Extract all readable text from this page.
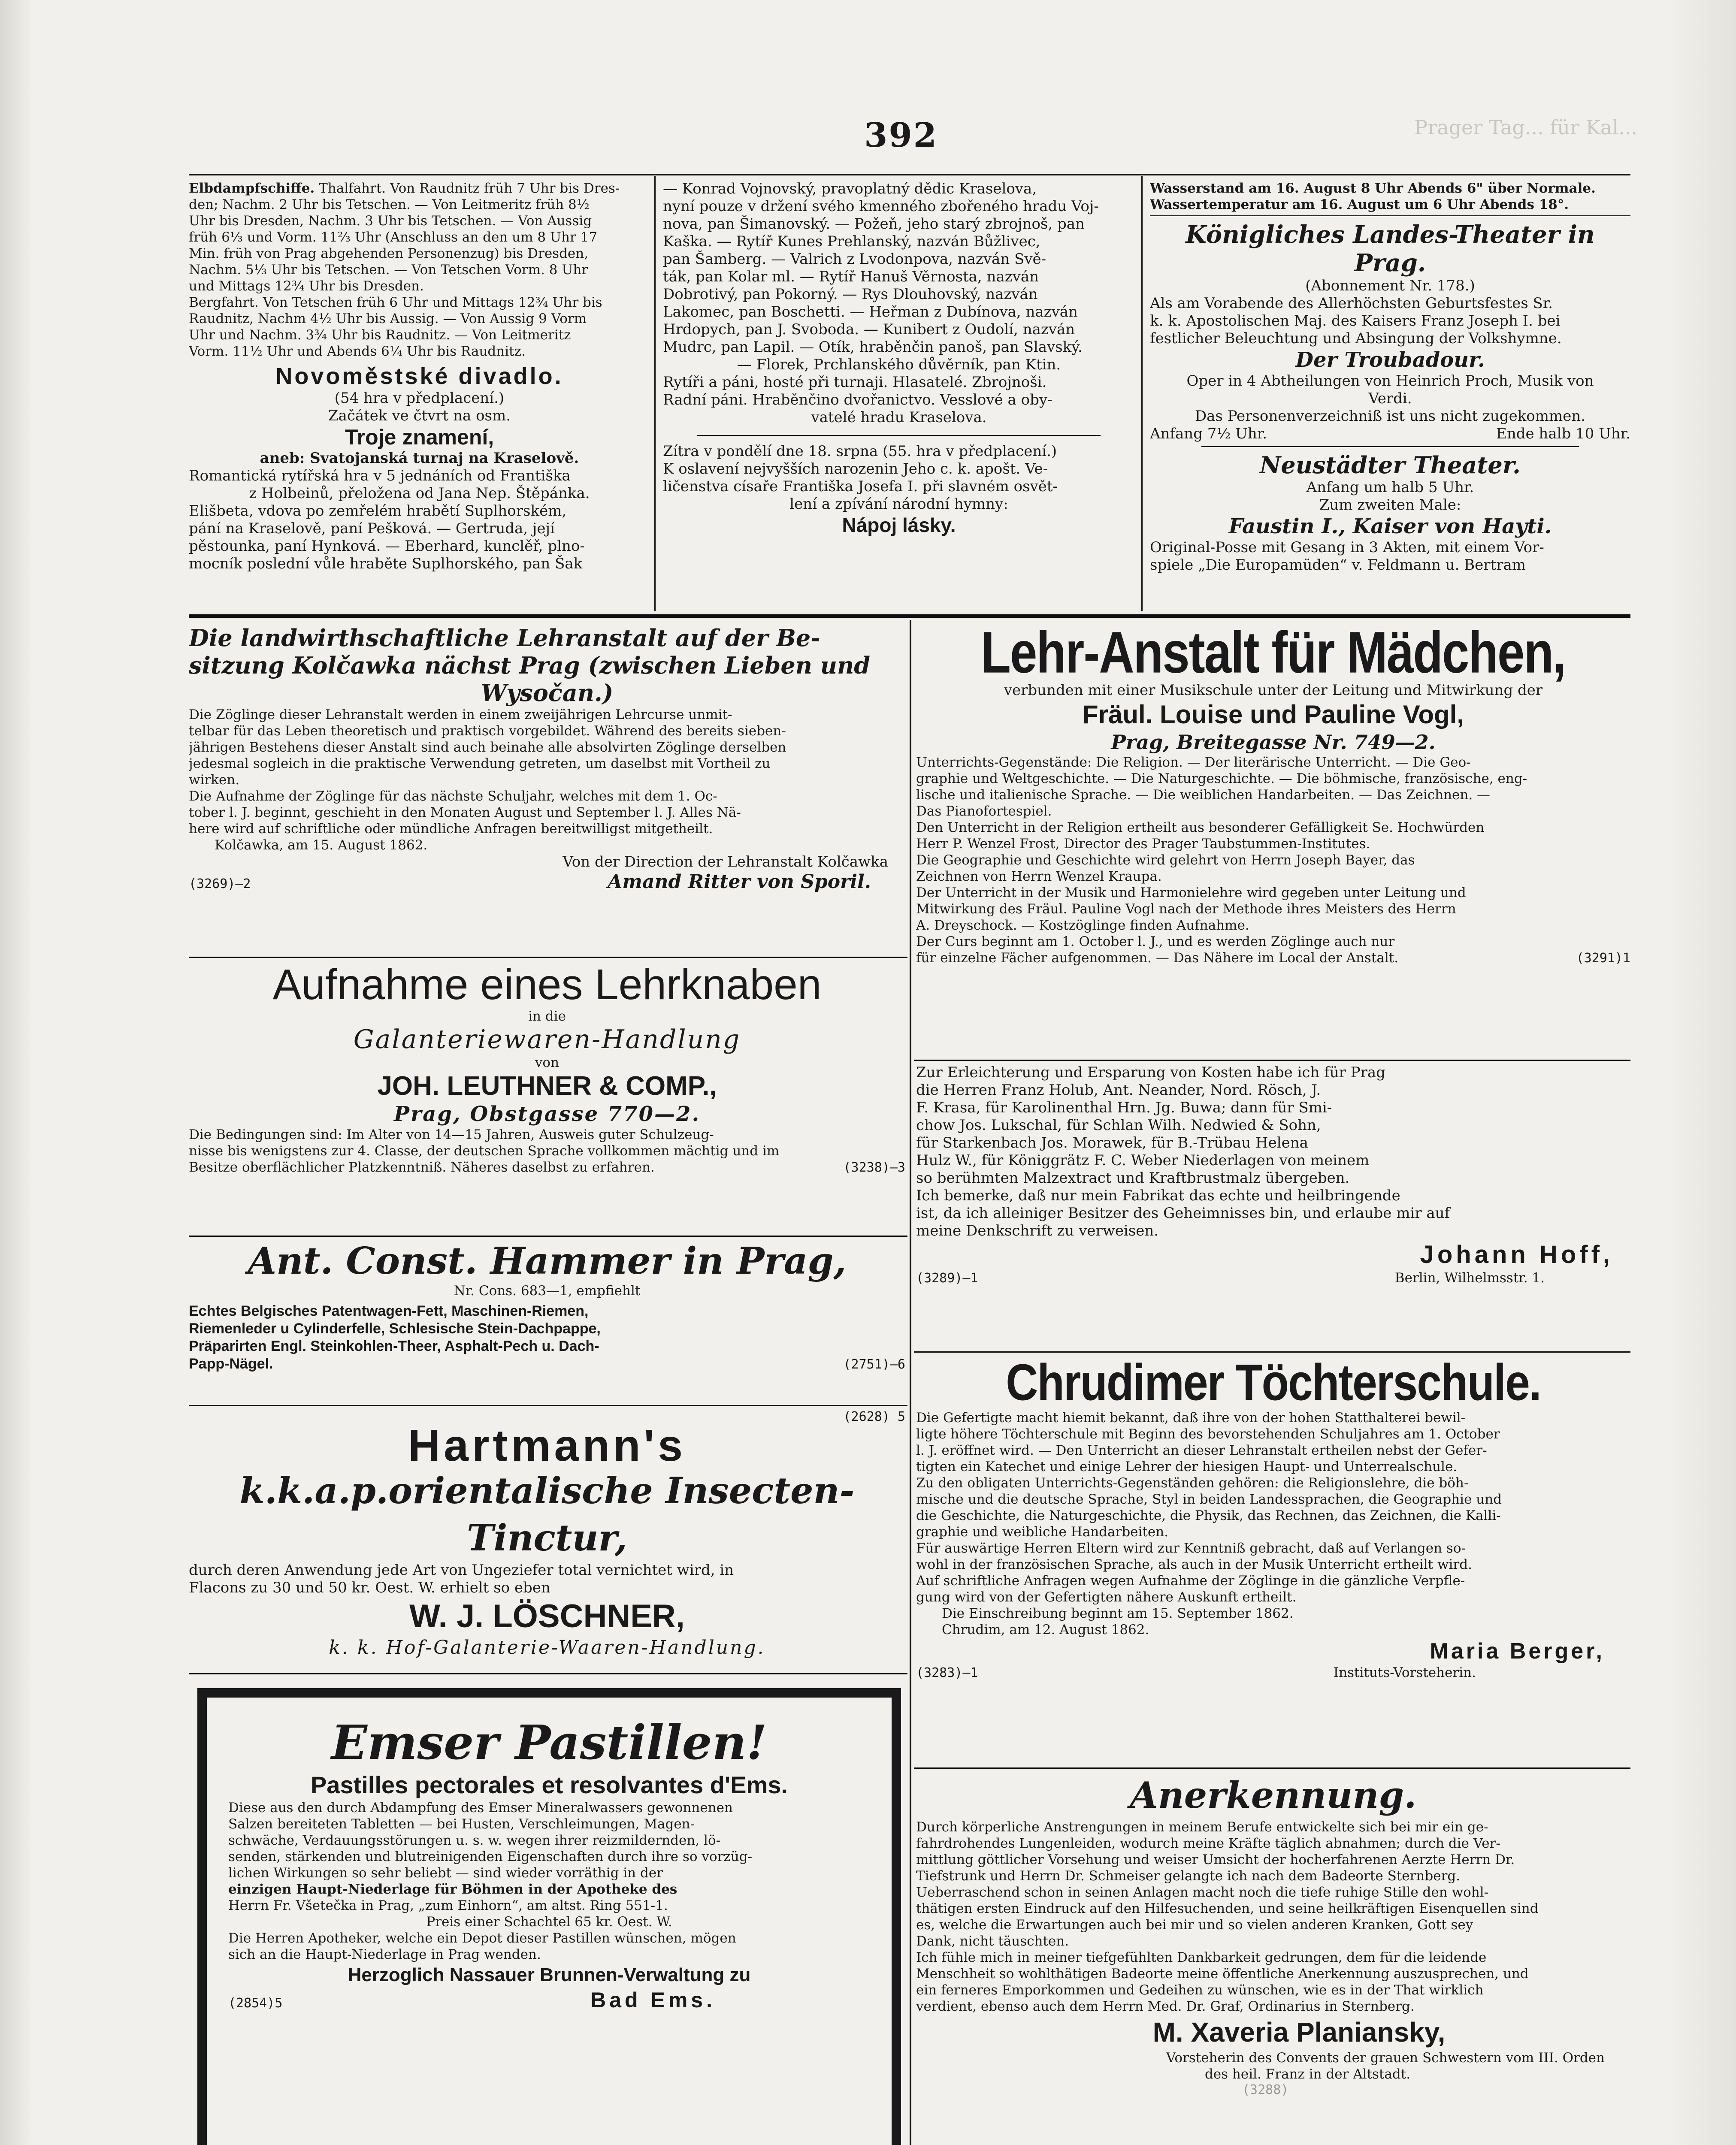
Prager Tag... für Kal...
392

Elbdampfschiffe. Thalfahrt. Von Raudnitz früh 7 Uhr bis Dres-

den; Nachm. 2 Uhr bis Tetschen. — Von Leitmeritz früh 8½

Uhr bis Dresden, Nachm. 3 Uhr bis Tetschen. — Von Aussig

früh 6⅓ und Vorm. 11⅔ Uhr (Anschluss an den um 8 Uhr 17

Min. früh von Prag abgehenden Personenzug) bis Dresden,

Nachm. 5⅓ Uhr bis Tetschen. — Von Tetschen Vorm. 8 Uhr

und Mittags 12¾ Uhr bis Dresden.

Bergfahrt. Von Tetschen früh 6 Uhr und Mittags 12¾ Uhr bis

Raudnitz, Nachm 4½ Uhr bis Aussig. — Von Aussig 9 Vorm

Uhr und Nachm. 3¾ Uhr bis Raudnitz. — Von Leitmeritz

Vorm. 11½ Uhr und Abends 6¼ Uhr bis Raudnitz.

Novoměstské divadlo.

(54 hra v předplacení.)

Začátek ve čtvrt na osm.

Troje znamení,

aneb: Svatojanská turnaj na Kraselově.

Romantická rytířská hra v 5 jednáních od Františka

z Holbeinů, přeložena od Jana Nep. Štěpánka.

Elišbeta, vdova po zemřelém hrabětí Suplhorském,

pání na Kraselově, paní Pešková. — Gertruda, její

pěstounka, paní Hynková. — Eberhard, kunclěř, plno-

mocník poslední vůle hraběte Suplhorského, pan Šak

— Konrad Vojnovský, pravoplatný dědic Kraselova,

nyní pouze v držení svého kmenného zbořeného hradu Voj-

nova, pan Šimanovský. — Požeň, jeho starý zbrojnoš, pan

Kaška. — Rytíř Kunes Prehlanský, nazván Bůžlivec,

pan Šamberg. — Valrich z Lvodonpova, nazván Svě-

ták, pan Kolar ml. — Rytíř Hanuš Věrnosta, nazván

Dobrotivý, pan Pokorný. — Rys Dlouhovský, nazván

Lakomec, pan Boschetti. — Heřman z Dubínova, nazván

Hrdopych, pan J. Svoboda. — Kunibert z Oudolí, nazván

Mudrc, pan Lapil. — Otík, hraběnčin panoš, pan Slavský.

— Florek, Prchlanského důvěrník, pan Ktin.

Rytíři a páni, hosté při turnaji. Hlasatelé. Zbrojnoši.

Radní páni. Hraběnčino dvořanictvo. Vesslové a oby-

vatelé hradu Kraselova.

Zítra v pondělí dne 18. srpna (55. hra v předplacení.)

K oslavení nejvyšších narozenin Jeho c. k. apošt. Ve-

ličenstva císaře Františka Josefa I. při slavném osvět-

lení a zpívání národní hymny:

Nápoj lásky.

Wasserstand am 16. August 8 Uhr Abends 6" über Normale.

Wassertemperatur am 16. August um 6 Uhr Abends 18°.

Königliches Landes-Theater in Prag.

(Abonnement Nr. 178.)

Als am Vorabende des Allerhöchsten Geburtsfestes Sr.

k. k. Apostolischen Maj. des Kaisers Franz Joseph I. bei

festlicher Beleuchtung und Absingung der Volkshymne.

Der Troubadour.

Oper in 4 Abtheilungen von Heinrich Proch, Musik von

Verdi.

Das Personenverzeichniß ist uns nicht zugekommen.

Anfang 7½ Uhr.	Ende halb 10 Uhr.

Neustädter Theater.

Anfang um halb 5 Uhr.

Zum zweiten Male:

Faustin I., Kaiser von Hayti.

Original-Posse mit Gesang in 3 Akten, mit einem Vor-

spiele „Die Europamüden“ v. Feldmann u. Bertram

Die landwirthschaftliche Lehranstalt auf der Be-

sitzung Kolčawka nächst Prag (zwischen Lieben und

Wysočan.)

Die Zöglinge dieser Lehranstalt werden in einem zweijährigen Lehrcurse unmit-

telbar für das Leben theoretisch und praktisch vorgebildet. Während des bereits sieben-

jährigen Bestehens dieser Anstalt sind auch beinahe alle absolvirten Zöglinge derselben

jedesmal sogleich in die praktische Verwendung getreten, um daselbst mit Vortheil zu

wirken.

Die Aufnahme der Zöglinge für das nächste Schuljahr, welches mit dem 1. Oc-

tober l. J. beginnt, geschieht in den Monaten August und September l. J. Alles Nä-

here wird auf schriftliche oder mündliche Anfragen bereitwilligst mitgetheilt.

Kolčawka, am 15. August 1862.

Von der Direction der Lehranstalt Kolčawka

(3269)—2	Amand Ritter von Sporil.

Aufnahme eines Lehrknaben

in die

Galanteriewaren-Handlung

von

JOH. LEUTHNER & COMP.,

Prag, Obstgasse 770—2.

Die Bedingungen sind: Im Alter von 14—15 Jahren, Ausweis guter Schulzeug-

nisse bis wenigstens zur 4. Classe, der deutschen Sprache vollkommen mächtig und im

Besitze oberflächlicher Platzkenntniß. Näheres daselbst zu erfahren.	(3238)—3

Ant. Const. Hammer in Prag,

Nr. Cons. 683—1, empfiehlt

Echtes Belgisches Patentwagen-Fett, Maschinen-Riemen,

Riemenleder u Cylinderfelle, Schlesische Stein-Dachpappe,

Präparirten Engl. Steinkohlen-Theer, Asphalt-Pech u. Dach-

Papp-Nägel.	(2751)—6

(2628) 5

Hartmann's

k.k.a.p.orientalische Insecten-Tinctur,

durch deren Anwendung jede Art von Ungeziefer total vernichtet wird, in

Flacons zu 30 und 50 kr. Oest. W. erhielt so eben

W. J. LÖSCHNER,

k. k. Hof-Galanterie-Waaren-Handlung.

Emser Pastillen!

Pastilles pectorales et resolvantes d'Ems.

Diese aus den durch Abdampfung des Emser Mineralwassers gewonnenen

Salzen bereiteten Tabletten — bei Husten, Verschleimungen, Magen-

schwäche, Verdauungsstörungen u. s. w. wegen ihrer reizmildernden, lö-

senden, stärkenden und blutreinigenden Eigenschaften durch ihre so vorzüg-

lichen Wirkungen so sehr beliebt — sind wieder vorräthig in der

einzigen Haupt-Niederlage für Böhmen in der Apotheke des

Herrn Fr. Všetečka in Prag, „zum Einhorn“, am altst. Ring 551-1.

Preis einer Schachtel 65 kr. Oest. W.

Die Herren Apotheker, welche ein Depot dieser Pastillen wünschen, mögen

sich an die Haupt-Niederlage in Prag wenden.

Herzoglich Nassauer Brunnen-Verwaltung zu

(2854)5	Bad Ems.

Lehr-Anstalt für Mädchen,

verbunden mit einer Musikschule unter der Leitung und Mitwirkung der

Fräul. Louise und Pauline Vogl,

Prag, Breitegasse Nr. 749—2.

Unterrichts-Gegenstände: Die Religion. — Der literärische Unterricht. — Die Geo-

graphie und Weltgeschichte. — Die Naturgeschichte. — Die böhmische, französische, eng-

lische und italienische Sprache. — Die weiblichen Handarbeiten. — Das Zeichnen. —

Das Pianofortespiel.

Den Unterricht in der Religion ertheilt aus besonderer Gefälligkeit Se. Hochwürden

Herr P. Wenzel Frost, Director des Prager Taubstummen-Institutes.

Die Geographie und Geschichte wird gelehrt von Herrn Joseph Bayer, das

Zeichnen von Herrn Wenzel Kraupa.

Der Unterricht in der Musik und Harmonielehre wird gegeben unter Leitung und

Mitwirkung des Fräul. Pauline Vogl nach der Methode ihres Meisters des Herrn

A. Dreyschock. — Kostzöglinge finden Aufnahme.

Der Curs beginnt am 1. October l. J., und es werden Zöglinge auch nur

für einzelne Fächer aufgenommen. — Das Nähere im Local der Anstalt.	(3291)1

Zur Erleichterung und Ersparung von Kosten habe ich für Prag

die Herren Franz Holub, Ant. Neander, Nord. Rösch, J.

F. Krasa, für Karolinenthal Hrn. Jg. Buwa; dann für Smi-

chow Jos. Lukschal, für Schlan Wilh. Nedwied & Sohn,

für Starkenbach Jos. Morawek, für B.-Trübau Helena

Hulz W., für Königgrätz F. C. Weber Niederlagen von meinem

so berühmten Malzextract und Kraftbrustmalz übergeben.

Ich bemerke, daß nur mein Fabrikat das echte und heilbringende

ist, da ich alleiniger Besitzer des Geheimnisses bin, und erlaube mir auf

meine Denkschrift zu verweisen.

Johann Hoff,

(3289)—1	Berlin, Wilhelmsstr. 1.

Chrudimer Töchterschule.

Die Gefertigte macht hiemit bekannt, daß ihre von der hohen Statthalterei bewil-

ligte höhere Töchterschule mit Beginn des bevorstehenden Schuljahres am 1. October

l. J. eröffnet wird. — Den Unterricht an dieser Lehranstalt ertheilen nebst der Gefer-

tigten ein Katechet und einige Lehrer der hiesigen Haupt- und Unterrealschule.

Zu den obligaten Unterrichts-Gegenständen gehören: die Religionslehre, die böh-

mische und die deutsche Sprache, Styl in beiden Landessprachen, die Geographie und

die Geschichte, die Naturgeschichte, die Physik, das Rechnen, das Zeichnen, die Kalli-

graphie und weibliche Handarbeiten.

Für auswärtige Herren Eltern wird zur Kenntniß gebracht, daß auf Verlangen so-

wohl in der französischen Sprache, als auch in der Musik Unterricht ertheilt wird.

Auf schriftliche Anfragen wegen Aufnahme der Zöglinge in die gänzliche Verpfle-

gung wird von der Gefertigten nähere Auskunft ertheilt.

Die Einschreibung beginnt am 15. September 1862.

Chrudim, am 12. August 1862.

Maria Berger,

(3283)—1	Instituts-Vorsteherin.

Anerkennung.

Durch körperliche Anstrengungen in meinem Berufe entwickelte sich bei mir ein ge-

fahrdrohendes Lungenleiden, wodurch meine Kräfte täglich abnahmen; durch die Ver-

mittlung göttlicher Vorsehung und weiser Umsicht der hocherfahrenen Aerzte Herrn Dr.

Tiefstrunk und Herrn Dr. Schmeiser gelangte ich nach dem Badeorte Sternberg.

Ueberraschend schon in seinen Anlagen macht noch die tiefe ruhige Stille den wohl-

thätigen ersten Eindruck auf den Hilfesuchenden, und seine heilkräftigen Eisenquellen sind

es, welche die Erwartungen auch bei mir und so vielen anderen Kranken, Gott sey

Dank, nicht täuschten.

Ich fühle mich in meiner tiefgefühlten Dankbarkeit gedrungen, dem für die leidende

Menschheit so wohlthätigen Badeorte meine öffentliche Anerkennung auszusprechen, und

ein ferneres Emporkommen und Gedeihen zu wünschen, wie es in der That wirklich

verdient, ebenso auch dem Herrn Med. Dr. Graf, Ordinarius in Sternberg.

M. Xaveria Planiansky,

Vorsteherin des Convents der grauen Schwestern vom III. Orden

des heil. Franz in der Altstadt.

(3288)
